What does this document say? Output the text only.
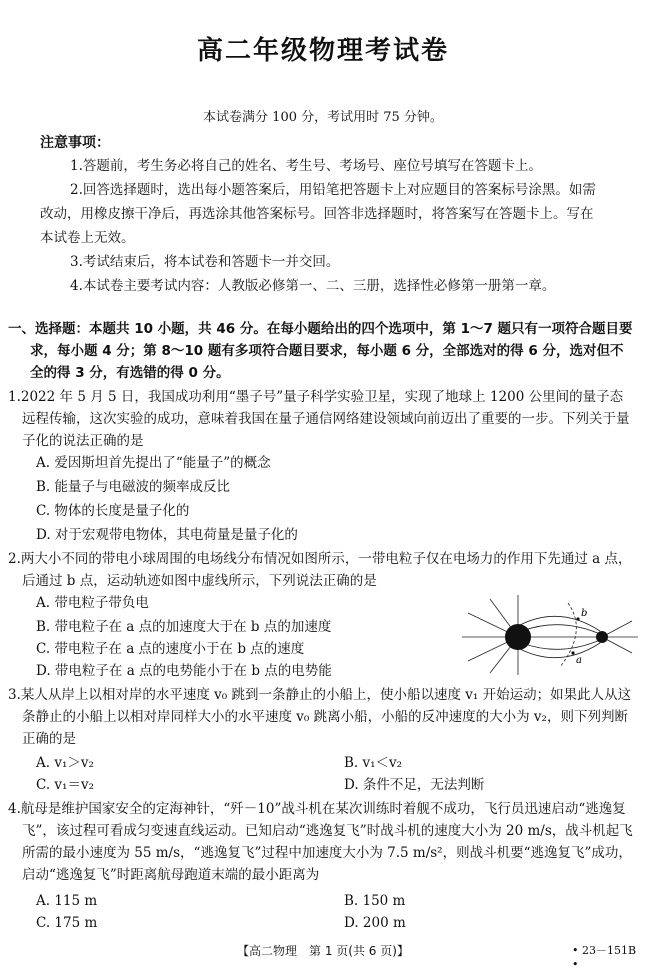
高二年级物理考试卷
本试卷满分 100 分，考试用时 75 分钟。
注意事项：

1.答题前，考生务必将自己的姓名、考生号、考场号、座位号填写在答题卡上。

2.回答选择题时，选出每小题答案后，用铅笔把答题卡上对应题目的答案标号涂黑。如需改动，用橡皮擦干净后，再选涂其他答案标号。回答非选择题时，将答案写在答题卡上。写在本试卷上无效。

3.考试结束后，将本试卷和答题卡一并交回。

4.本试卷主要考试内容：人教版必修第一、二、三册，选择性必修第一册第一章。

一、选择题：本题共 10 小题，共 46 分。在每小题给出的四个选项中，第 1～7 题只有一项符合题目要求，每小题 4 分；第 8～10 题有多项符合题目要求，每小题 6 分，全部选对的得 6 分，选对但不全的得 3 分，有选错的得 0 分。

1.2022 年 5 月 5 日，我国成功利用“墨子号”量子科学实验卫星，实现了地球上 1200 公里间的量子态远程传输，这次实验的成功，意味着我国在量子通信网络建设领域向前迈出了重要的一步。下列关于量子化的说法正确的是

A. 爱因斯坦首先提出了“能量子”的概念
B. 能量子与电磁波的频率成反比
C. 物体的长度是量子化的
D. 对于宏观带电物体，其电荷量是量子化的

2.两大小不同的带电小球周围的电场线分布情况如图所示，一带电粒子仅在电场力的作用下先通过 a 点，后通过 b 点，运动轨迹如图中虚线所示，下列说法正确的是

A. 带电粒子带负电
B. 带电粒子在 a 点的加速度大于在 b 点的加速度
C. 带电粒子在 a 点的速度小于在 b 点的速度
D. 带电粒子在 a 点的电势能小于在 b 点的电势能
b
a

3.某人从岸上以相对岸的水平速度 v₀ 跳到一条静止的小船上，使小船以速度 v₁ 开始运动；如果此人从这条静止的小船上以相对岸同样大小的水平速度 v₀ 跳离小船，小船的反冲速度的大小为 v₂，则下列判断正确的是

A. v₁＞v₂	B. v₁＜v₂
C. v₁＝v₂	D. 条件不足，无法判断

4.航母是维护国家安全的定海神针，“歼－10”战斗机在某次训练时着舰不成功，飞行员迅速启动“逃逸复飞”，该过程可看成匀变速直线运动。已知启动“逃逸复飞”时战斗机的速度大小为 20 m/s，战斗机起飞所需的最小速度为 55 m/s，“逃逸复飞”过程中加速度大小为 7.5 m/s²，则战斗机要“逃逸复飞”成功，启动“逃逸复飞”时距离航母跑道末端的最小距离为

A. 115 m	B. 150 m
C. 175 m	D. 200 m
【高二物理　第 1 页(共 6 页)】	• 23－151B •
